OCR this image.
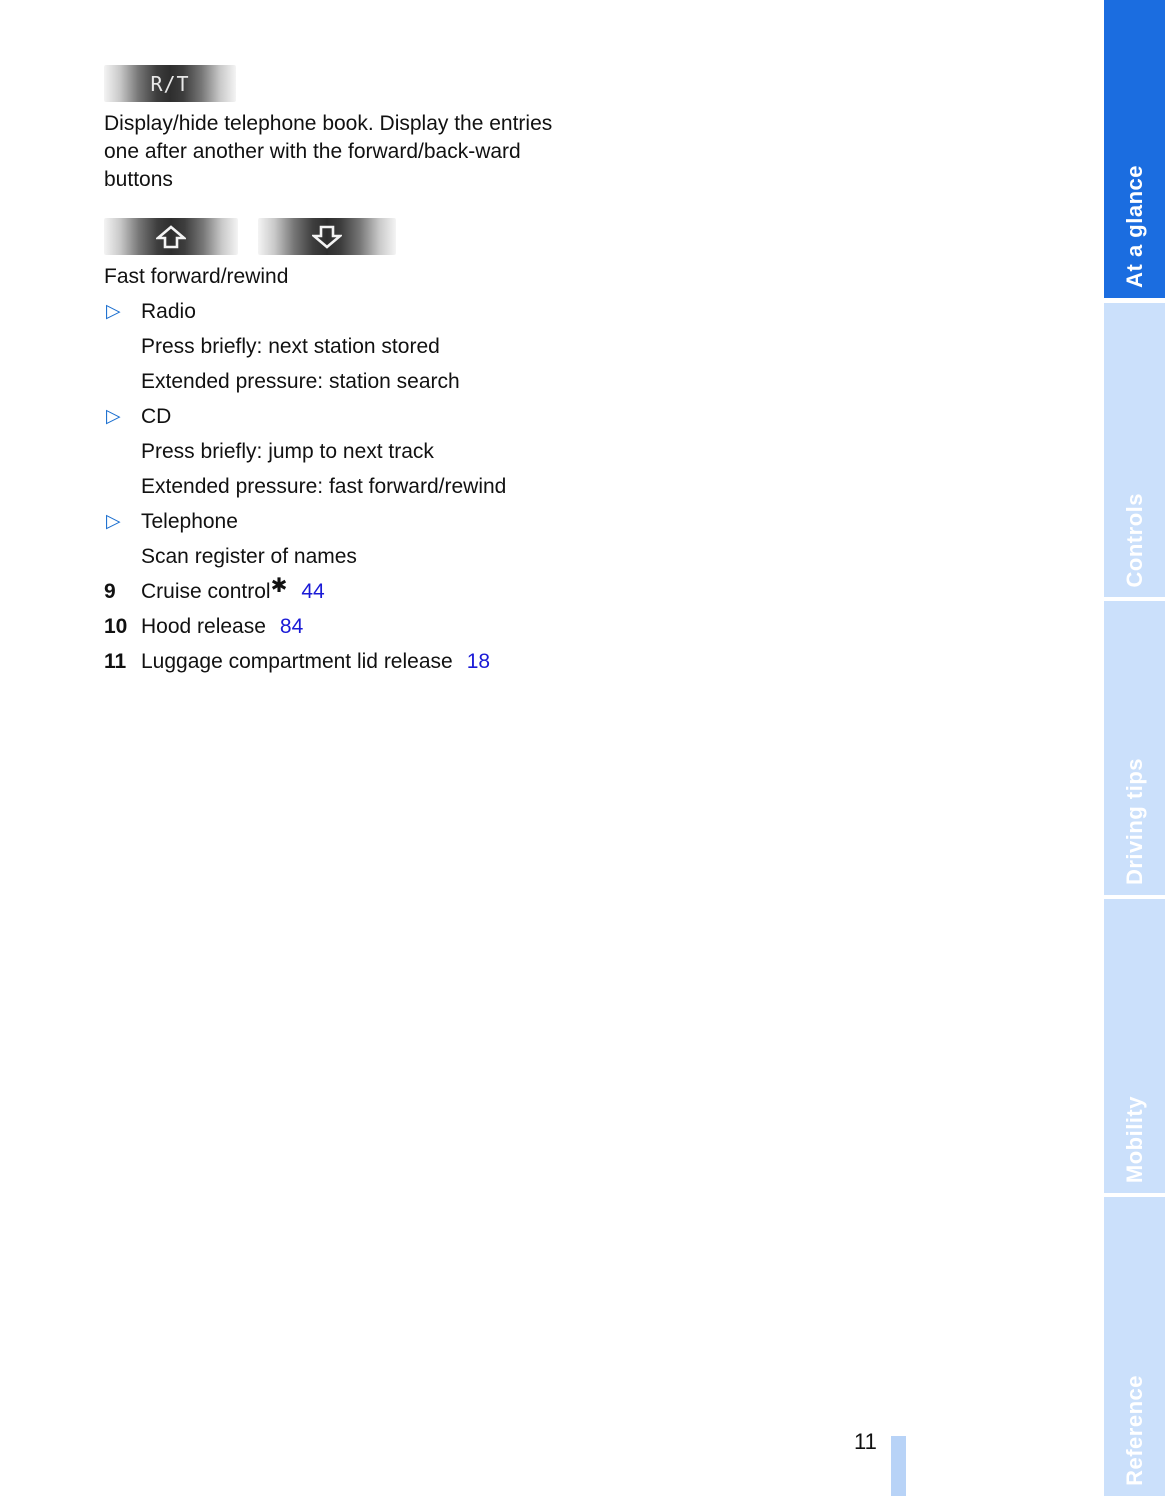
R/T
Display/hide telephone book. Display the entries one after another with the forward/back-ward buttons
Fast forward/rewind
▷ Radio
Press briefly: next station stored
Extended pressure: station search
▷ CD
Press briefly: jump to next track
Extended pressure: fast forward/rewind
▷ Telephone
Scan register of names
9 Cruise control✱ 44
10 Hood release 84
11 Luggage compartment lid release 18
At a glance
Controls
Driving tips
Mobility
Reference
11
